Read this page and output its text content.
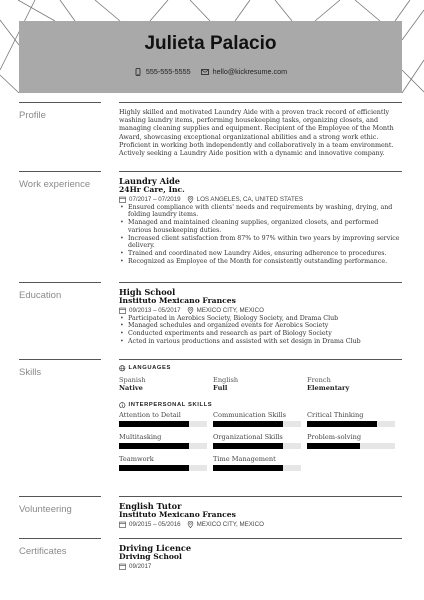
Julieta Palacio
555-555-5555	hello@kickresume.com
Profile	Highly skilled and motivated Laundry Aide with a proven track record of efficiently washing laundry items, performing housekeeping tasks, organizing closets, and managing cleaning supplies and equipment. Recipient of the Employee of the Month Award, showcasing exceptional organizational abilities and a strong work ethic. Proficient in working both independently and collaboratively in a team environment. Actively seeking a Laundry Aide position with a dynamic and innovative company.

Work experience	Laundry Aide
24Hr Care, Inc.
07/2017 – 07/2019	LOS ANGELES, CA, UNITED STATES
• Ensured compliance with clients' needs and requirements by washing, drying, and folding laundry items.
• Managed and maintained cleaning supplies, organized closets, and performed various housekeeping duties.
• Increased client satisfaction from 87% to 97% within two years by improving service delivery.
• Trained and coordinated new Laundry Aides, ensuring adherence to procedures.
• Recognized as Employee of the Month for consistently outstanding performance.
Education	High School
Instituto Mexicano Frances
09/2013 – 05/2017	MEXICO CITY, MEXICO
• Participated in Aerobics Society, Biology Society, and Drama Club
• Managed schedules and organized events for Aerobics Society
• Conducted experiments and research as part of Biology Society
• Acted in various productions and assisted with set design in Drama Club
Skills	LANGUAGES
Spanish
Native
English
Full
French
Elementary
INTERPERSONAL SKILLS
Attention to Detail	Communication Skills	Critical Thinking
Multitasking	Organizational Skills	Problem-solving
Teamwork	Time Management
Volunteering	English Tutor
Instituto Mexicano Frances
09/2015 – 05/2016	MEXICO CITY, MEXICO
Certificates	Driving Licence
Driving School
09/2017
